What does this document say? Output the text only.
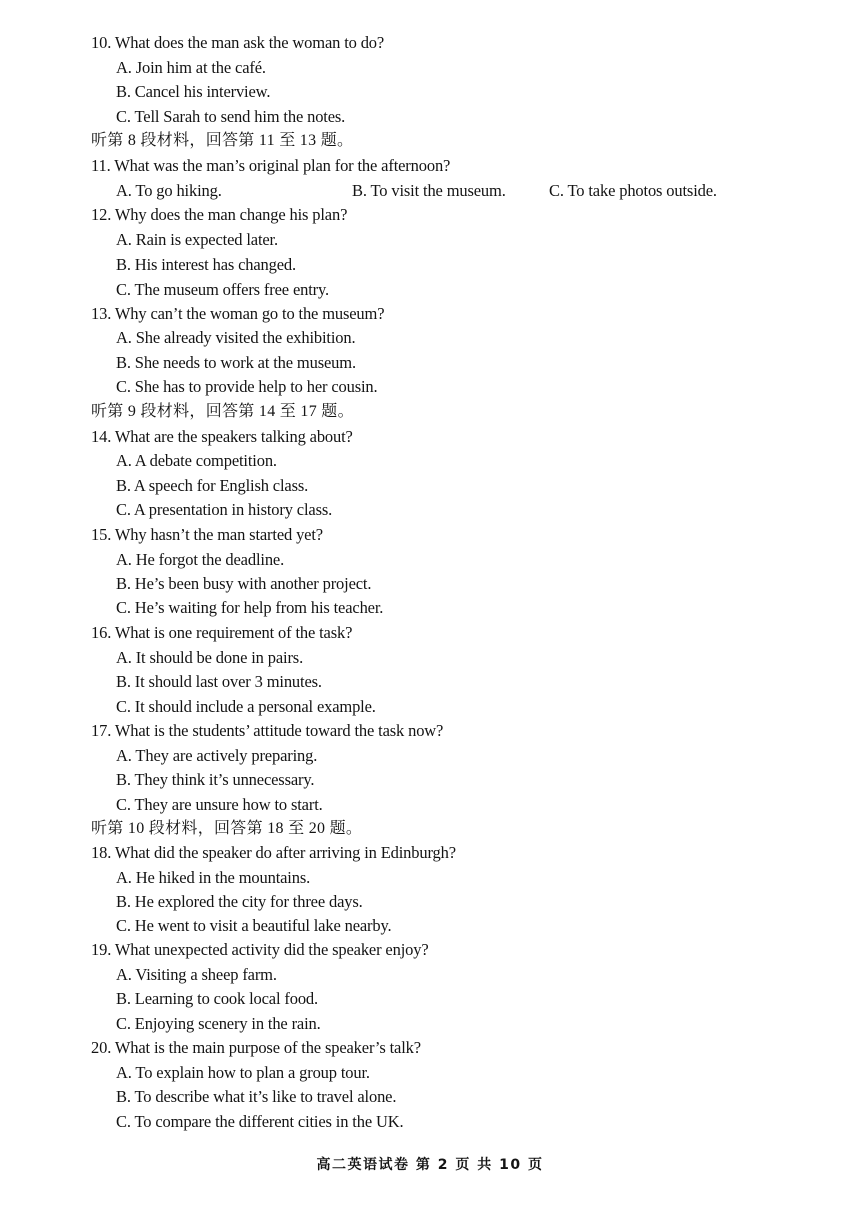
10. What does the man ask the woman to do?
A. Join him at the café.
B. Cancel his interview.
C. Tell Sarah to send him the notes.
听第 8 段材料，回答第 11 至 13 题。
11. What was the man’s original plan for the afternoon?
A. To go hiking.	B. To visit the museum.	C. To take photos outside.
12. Why does the man change his plan?
A. Rain is expected later.
B. His interest has changed.
C. The museum offers free entry.
13. Why can’t the woman go to the museum?
A. She already visited the exhibition.
B. She needs to work at the museum.
C. She has to provide help to her cousin.
听第 9 段材料，回答第 14 至 17 题。
14. What are the speakers talking about?
A. A debate competition.
B. A speech for English class.
C. A presentation in history class.
15. Why hasn’t the man started yet?
A. He forgot the deadline.
B. He’s been busy with another project.
C. He’s waiting for help from his teacher.
16. What is one requirement of the task?
A. It should be done in pairs.
B. It should last over 3 minutes.
C. It should include a personal example.
17. What is the students’ attitude toward the task now?
A. They are actively preparing.
B. They think it’s unnecessary.
C. They are unsure how to start.
听第 10 段材料，回答第 18 至 20 题。
18. What did the speaker do after arriving in Edinburgh?
A. He hiked in the mountains.
B. He explored the city for three days.
C. He went to visit a beautiful lake nearby.
19. What unexpected activity did the speaker enjoy?
A. Visiting a sheep farm.
B. Learning to cook local food.
C. Enjoying scenery in the rain.
20. What is the main purpose of the speaker’s talk?
A. To explain how to plan a group tour.
B. To describe what it’s like to travel alone.
C. To compare the different cities in the UK.
高二英语试卷 第 2 页 共 10 页
